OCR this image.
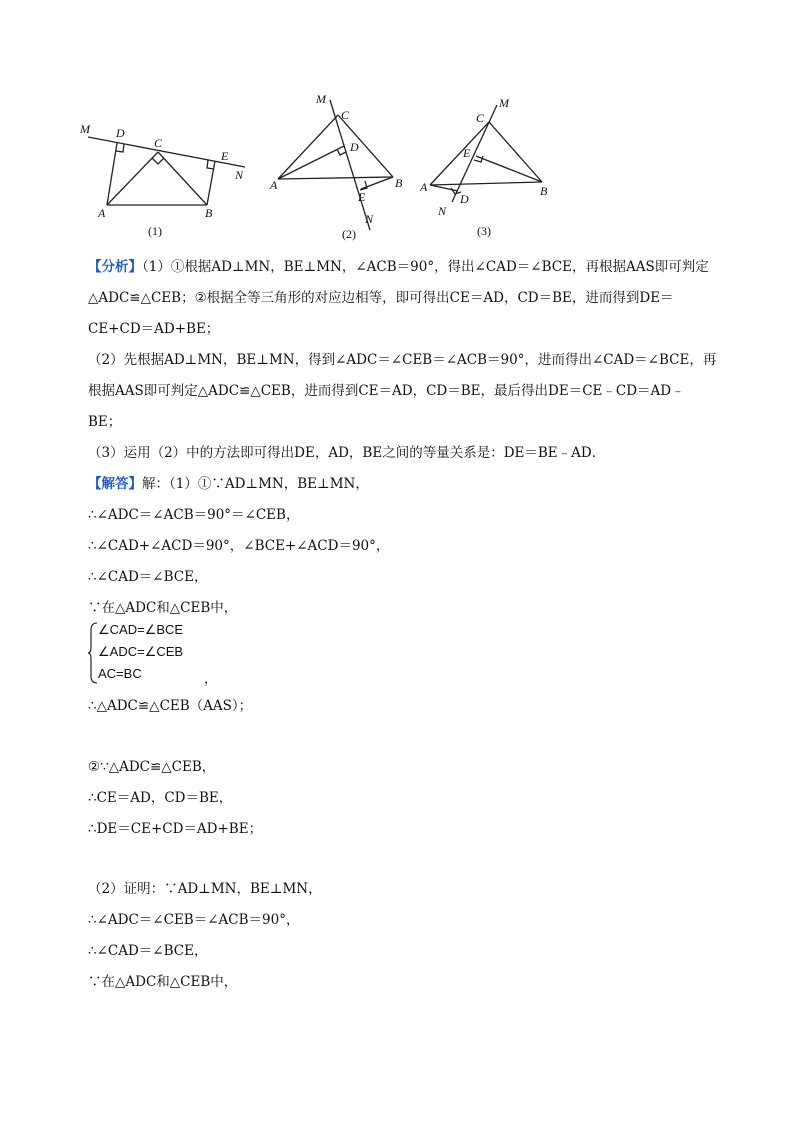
M D
C
E
N
A	B
(1)
M
C
D
A	B
E
N
(2)
C
M
E
A	B
N
D
(3)
【分析】（1）①根据AD⊥MN，BE⊥MN，∠ACB＝90°，得出∠CAD＝∠BCE，再根据AAS即可判定
△ADC≌△CEB；②根据全等三角形的对应边相等，即可得出CE＝AD，CD＝BE，进而得到DE＝
CE+CD＝AD+BE；
（2）先根据AD⊥MN，BE⊥MN，得到∠ADC＝∠CEB＝∠ACB＝90°，进而得出∠CAD＝∠BCE，再
根据AAS即可判定△ADC≌△CEB，进而得到CE＝AD，CD＝BE，最后得出DE＝CE﹣CD＝AD﹣
BE；
（3）运用（2）中的方法即可得出DE，AD，BE之间的等量关系是：DE＝BE﹣AD．
【解答】解：（1）①∵AD⊥MN，BE⊥MN，
∴∠ADC＝∠ACB＝90°＝∠CEB，
∴∠CAD+∠ACD＝90°，∠BCE+∠ACD＝90°，
∴∠CAD＝∠BCE，
∵在△ADC和△CEB中，
∠CAD=∠BCE
∠ADC=∠CEB
AC=BC	，
∴△ADC≌△CEB（AAS）；
②∵△ADC≌△CEB，
∴CE＝AD，CD＝BE，
∴DE＝CE+CD＝AD+BE；
（2）证明：∵AD⊥MN，BE⊥MN，
∴∠ADC＝∠CEB＝∠ACB＝90°，
∴∠CAD＝∠BCE，
∵在△ADC和△CEB中，
